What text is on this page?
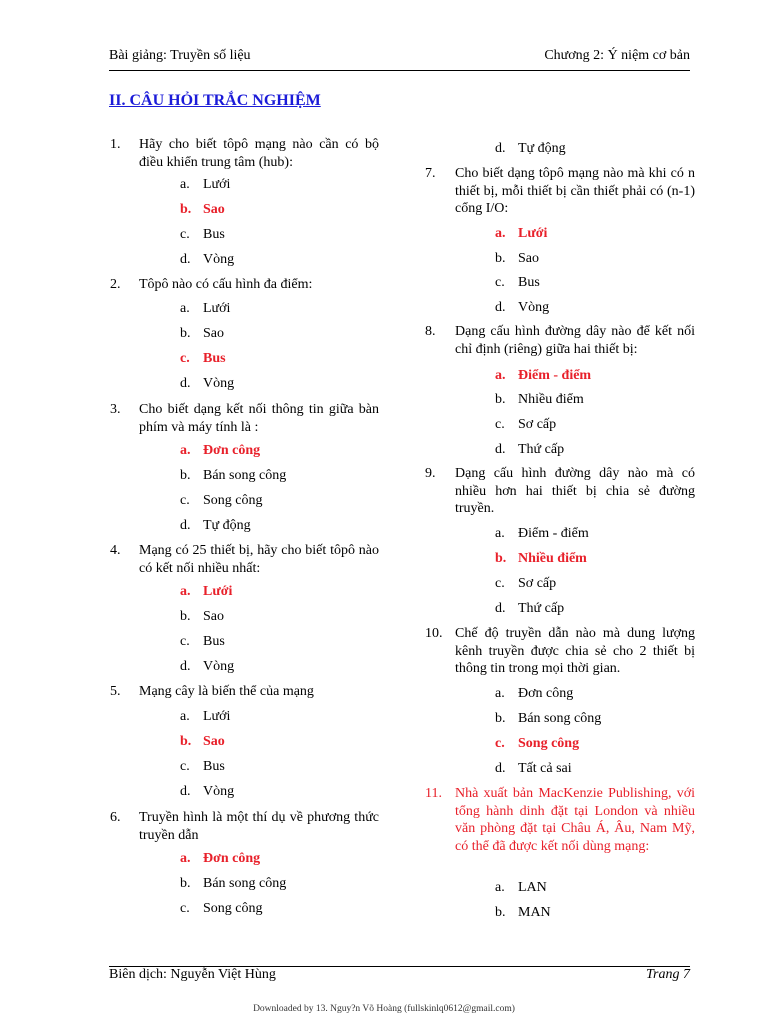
Bài giảng: Truyền số liệu	Chương 2: Ý niệm cơ bản
II. CÂU HỎI TRẮC NGHIỆM
1. Hãy cho biết tôpô mạng nào cần có bộ điều khiển trung tâm (hub):
a. Lưới
b. Sao
c. Bus
d. Vòng
2. Tôpô nào có cấu hình đa điểm:
a. Lưới
b. Sao
c. Bus
d. Vòng
3. Cho biết dạng kết nối thông tin giữa bàn phím và máy tính là :
a. Đơn công
b. Bán song công
c. Song công
d. Tự động
4. Mạng có 25 thiết bị, hãy cho biết tôpô nào có kết nối nhiều nhất:
a. Lưới
b. Sao
c. Bus
d. Vòng
5. Mạng cây là biến thể của mạng
a. Lưới
b. Sao
c. Bus
d. Vòng
6. Truyền hình là một thí dụ về phương thức truyền dẫn
a. Đơn công
b. Bán song công
c. Song công
d. Tự động
7. Cho biết dạng tôpô mạng nào mà khi có n thiết bị, mỗi thiết bị cần thiết phải có (n-1) cổng I/O:
a. Lưới
b. Sao
c. Bus
d. Vòng
8. Dạng cấu hình đường dây nào để kết nối chỉ định (riêng) giữa hai thiết bị:
a. Điểm - điểm
b. Nhiều điểm
c. Sơ cấp
d. Thứ cấp
9. Dạng cấu hình đường dây nào mà có nhiều hơn hai thiết bị chia sẻ đường truyền.
a. Điểm - điểm
b. Nhiều điểm
c. Sơ cấp
d. Thứ cấp
10. Chế độ truyền dẫn nào mà dung lượng kênh truyền được chia sẻ cho 2 thiết bị thông tin trong mọi thời gian.
a. Đơn công
b. Bán song công
c. Song công
d. Tất cả sai
11. Nhà xuất bản MacKenzie Publishing, với tổng hành dinh đặt tại London và nhiều văn phòng đặt tại Châu Á, Âu, Nam Mỹ, có thể đã được kết nối dùng mạng:
a. LAN
b. MAN
Biên dịch: Nguyễn Việt Hùng	Trang 7
Downloaded by 13. Nguy?n Võ Hoàng (fullskinlq0612@gmail.com)
